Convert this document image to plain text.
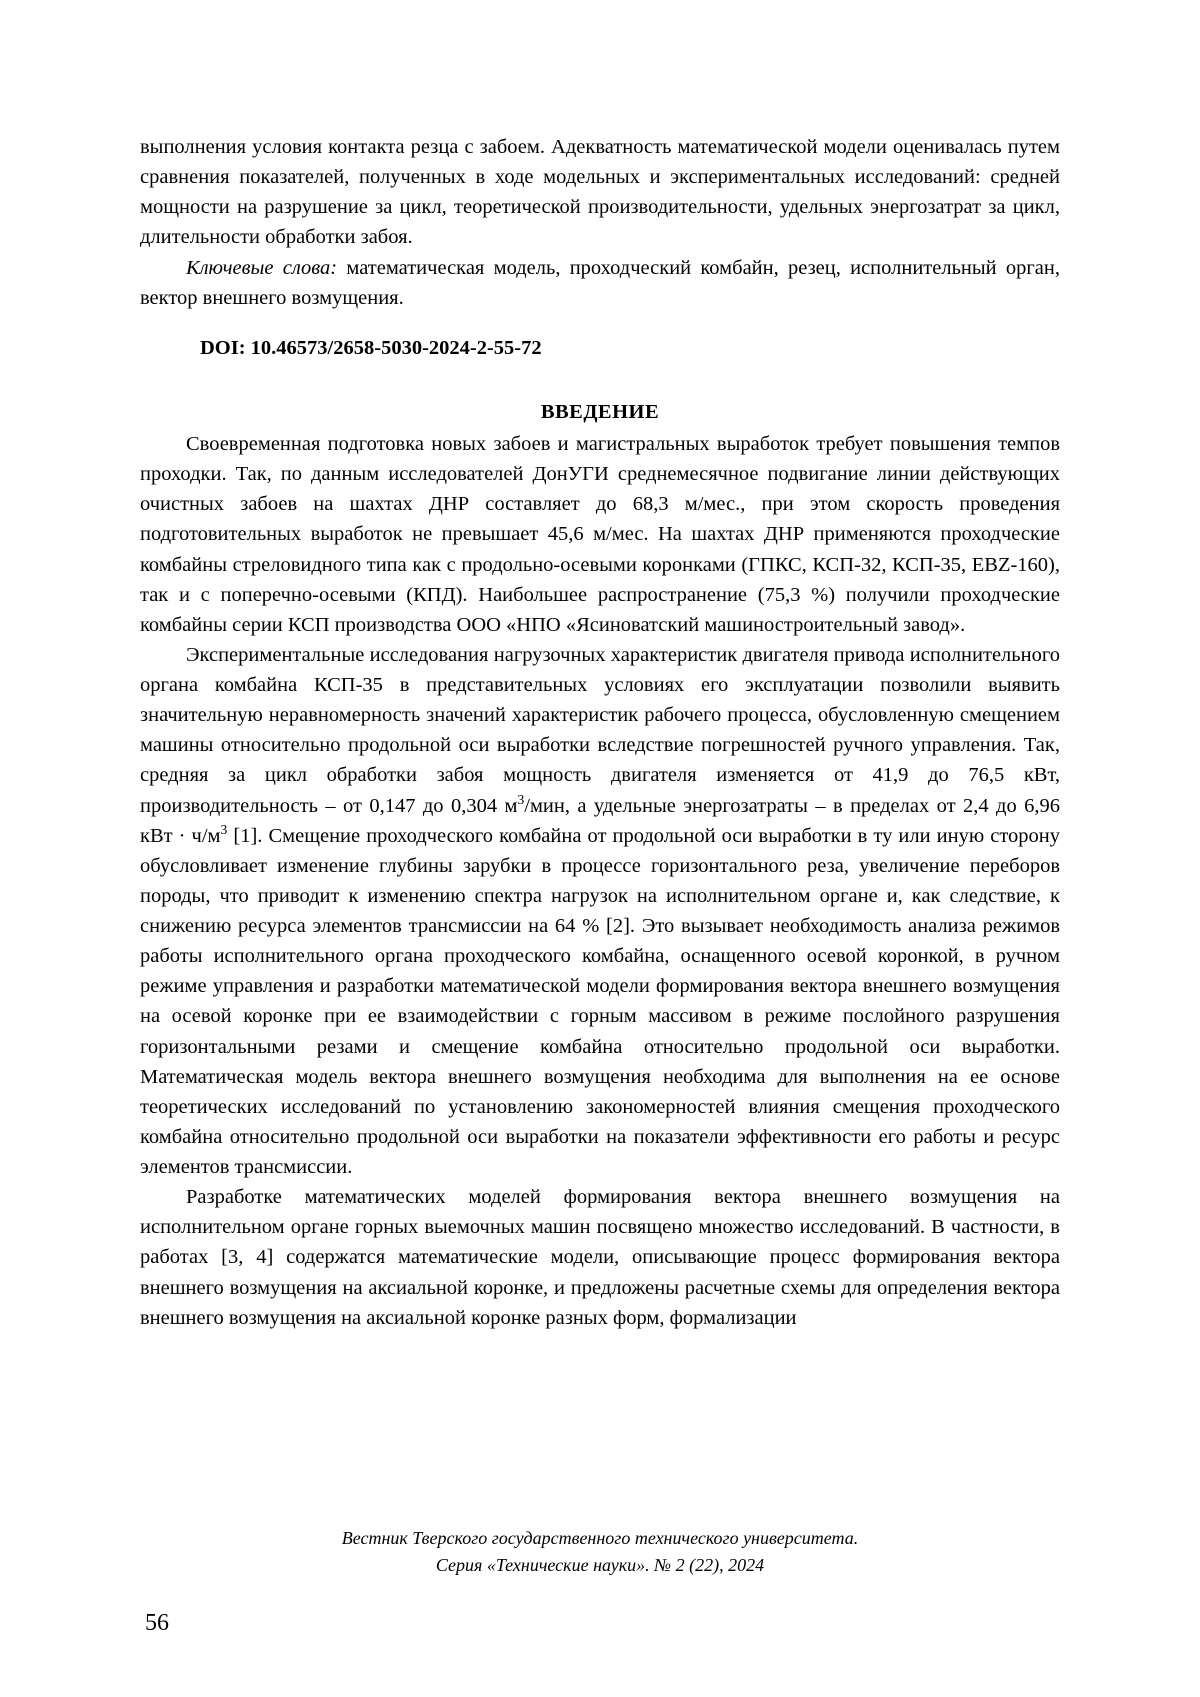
выполнения условия контакта резца с забоем. Адекватность математической модели оценивалась путем сравнения показателей, полученных в ходе модельных и экспериментальных исследований: средней мощности на разрушение за цикл, теоретической производительности, удельных энергозатрат за цикл, длительности обработки забоя.

Ключевые слова: математическая модель, проходческий комбайн, резец, исполнительный орган, вектор внешнего возмущения.

DOI: 10.46573/2658-5030-2024-2-55-72

ВВЕДЕНИЕ

Своевременная подготовка новых забоев и магистральных выработок требует повышения темпов проходки. Так, по данным исследователей ДонУГИ среднемесячное подвигание линии действующих очистных забоев на шахтах ДНР составляет до 68,3 м/мес., при этом скорость проведения подготовительных выработок не превышает 45,6 м/мес. На шахтах ДНР применяются проходческие комбайны стреловидного типа как с продольно-осевыми коронками (ГПКС, КСП-32, КСП-35, EBZ-160), так и с поперечно-осевыми (КПД). Наибольшее распространение (75,3 %) получили проходческие комбайны серии КСП производства ООО «НПО «Ясиноватский машиностроительный завод».

Экспериментальные исследования нагрузочных характеристик двигателя привода исполнительного органа комбайна КСП-35 в представительных условиях его эксплуатации позволили выявить значительную неравномерность значений характеристик рабочего процесса, обусловленную смещением машины относительно продольной оси выработки вследствие погрешностей ручного управления. Так, средняя за цикл обработки забоя мощность двигателя изменяется от 41,9 до 76,5 кВт, производительность – от 0,147 до 0,304 $м^3$/мин, а удельные энергозатраты – в пределах от 2,4 до 6,96 кВт · $ч/м^3$ [1]. Смещение проходческого комбайна от продольной оси выработки в ту или иную сторону обусловливает изменение глубины зарубки в процессе горизонтального реза, увеличение переборов породы, что приводит к изменению спектра нагрузок на исполнительном органе и, как следствие, к снижению ресурса элементов трансмиссии на 64 % [2]. Это вызывает необходимость анализа режимов работы исполнительного органа проходческого комбайна, оснащенного осевой коронкой, в ручном режиме управления и разработки математической модели формирования вектора внешнего возмущения на осевой коронке при ее взаимодействии с горным массивом в режиме послойного разрушения горизонтальными резами и смещение комбайна относительно продольной оси выработки. Математическая модель вектора внешнего возмущения необходима для выполнения на ее основе теоретических исследований по установлению закономерностей влияния смещения проходческого комбайна относительно продольной оси выработки на показатели эффективности его работы и ресурс элементов трансмиссии.

Разработке математических моделей формирования вектора внешнего возмущения на исполнительном органе горных выемочных машин посвящено множество исследований. В частности, в работах [3, 4] содержатся математические модели, описывающие процесс формирования вектора внешнего возмущения на аксиальной коронке, и предложены расчетные схемы для определения вектора внешнего возмущения на аксиальной коронке разных форм, формализации

Вестник Тверского государственного технического университета.
Серия «Технические науки». № 2 (22), 2024
56
